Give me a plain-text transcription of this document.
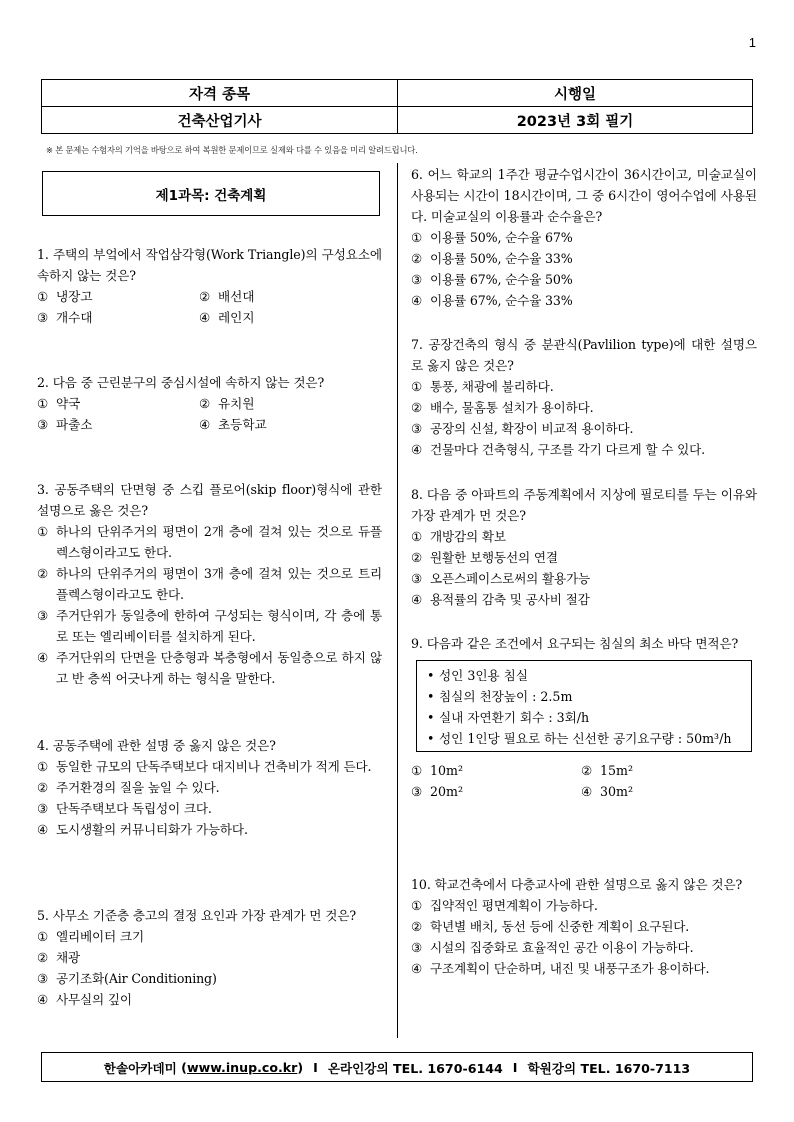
1
자격 종목	시행일
건축산업기사	2023년 3회 필기
※ 본 문제는 수험자의 기억을 바탕으로 하여 복원한 문제이므로 실제와 다를 수 있음을 미리 알려드립니다.
제1과목: 건축계획
1. 주택의 부엌에서 작업삼각형(Work Triangle)의 구성요소에 속하지 않는 것은?
① 냉장고	② 배선대
③ 개수대	④ 레인지
2. 다음 중 근린분구의 중심시설에 속하지 않는 것은?
① 약국	② 유치원
③ 파출소	④ 초등학교
3. 공동주택의 단면형 중 스킵 플로어(skip floor)형식에 관한 설명으로 옳은 것은?
① 하나의 단위주거의 평면이 2개 층에 걸쳐 있는 것으로 듀플렉스형이라고도 한다.
② 하나의 단위주거의 평면이 3개 층에 걸쳐 있는 것으로 트리플렉스형이라고도 한다.
③ 주거단위가 동일층에 한하여 구성되는 형식이며, 각 층에 통로 또는 엘리베이터를 설치하게 된다.
④ 주거단위의 단면을 단층형과 복층형에서 동일층으로 하지 않고 반 층씩 어긋나게 하는 형식을 말한다.
4. 공동주택에 관한 설명 중 옳지 않은 것은?
① 동일한 규모의 단독주택보다 대지비나 건축비가 적게 든다.
② 주거환경의 질을 높일 수 있다.
③ 단독주택보다 독립성이 크다.
④ 도시생활의 커뮤니티화가 가능하다.
5. 사무소 기준층 층고의 결정 요인과 가장 관계가 먼 것은?
① 엘리베이터 크기
② 채광
③ 공기조화(Air Conditioning)
④ 사무실의 깊이
6. 어느 학교의 1주간 평균수업시간이 36시간이고, 미술교실이 사용되는 시간이 18시간이며, 그 중 6시간이 영어수업에 사용된다. 미술교실의 이용률과 순수율은?
① 이용률 50%, 순수율 67%
② 이용률 50%, 순수율 33%
③ 이용률 67%, 순수율 50%
④ 이용률 67%, 순수율 33%
7. 공장건축의 형식 중 분관식(Pavlilion type)에 대한 설명으로 옳지 않은 것은?
① 통풍, 채광에 불리하다.
② 배수, 물홈통 설치가 용이하다.
③ 공장의 신설, 확장이 비교적 용이하다.
④ 건물마다 건축형식, 구조를 각기 다르게 할 수 있다.
8. 다음 중 아파트의 주동계획에서 지상에 필로티를 두는 이유와 가장 관계가 먼 것은?
① 개방감의 확보
② 원활한 보행동선의 연결
③ 오픈스페이스로써의 활용가능
④ 용적률의 감축 및 공사비 절감
9. 다음과 같은 조건에서 요구되는 침실의 최소 바닥 면적은?
• 성인 3인용 침실
• 침실의 천장높이 : 2.5m
• 실내 자연환기 회수 : 3회/h
• 성인 1인당 필요로 하는 신선한 공기요구량 : 50m³/h
① 10m²	② 15m²
③ 20m²	④ 30m²
10. 학교건축에서 다층교사에 관한 설명으로 옳지 않은 것은?
① 집약적인 평면계획이 가능하다.
② 학년별 배치, 동선 등에 신중한 계획이 요구된다.
③ 시설의 집중화로 효율적인 공간 이용이 가능하다.
④ 구조계획이 단순하며, 내진 및 내풍구조가 용이하다.
한솔아카데미 ( www.inup.co.kr ) I 온라인강의 TEL. 1670-6144 I 학원강의 TEL. 1670-7113
